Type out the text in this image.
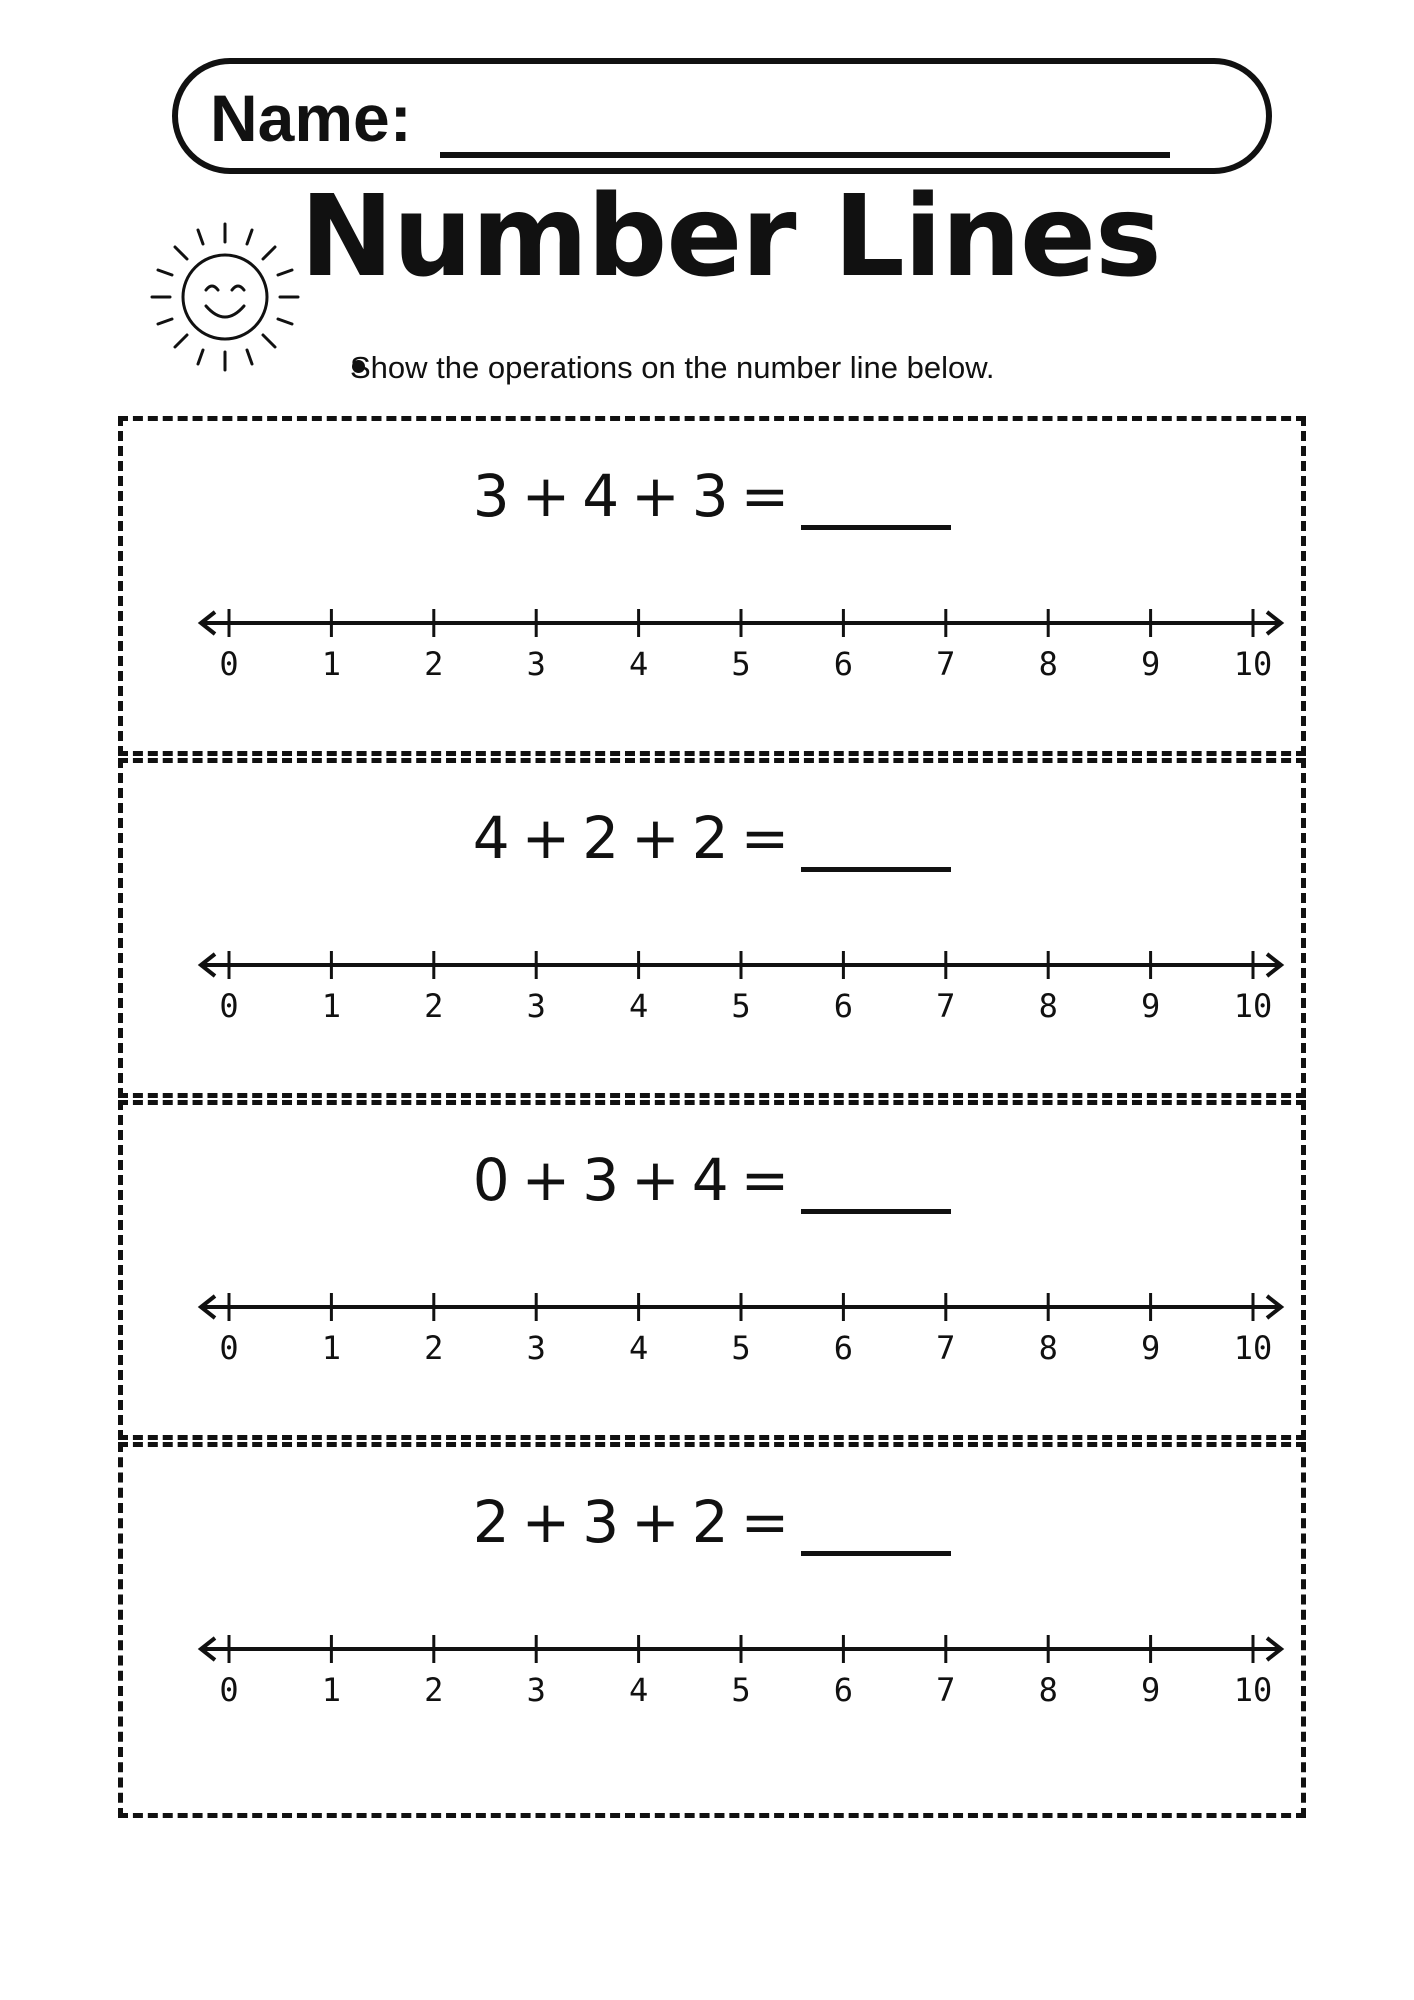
Name:
Number Lines
Show the operations on the number line below.
3 + 4 + 3 =
0	1	2	3	4	5	6	7	8	9 10
4 + 2 + 2 =
0	1	2	3	4	5	6	7	8	9 10
0 + 3 + 4 =
0	1	2	3	4	5	6	7	8	9 10
2 + 3 + 2 =
0	1	2	3	4	5	6	7	8	9 10
